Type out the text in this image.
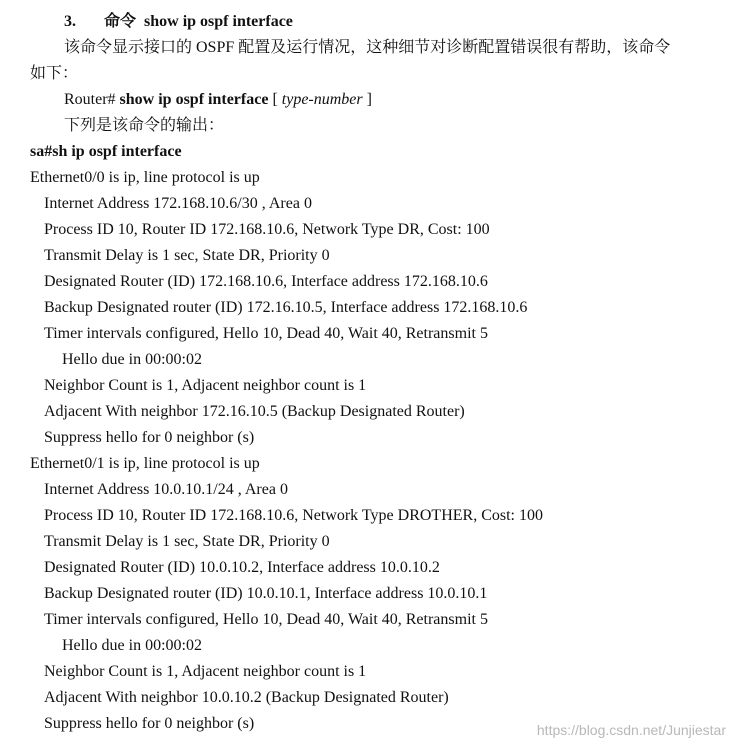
3. 命令 show ip ospf interface
该命令显示接口的 OSPF 配置及运行情况，这种细节对诊断配置错误很有帮助，该命令
如下：
Router# show ip ospf interface [ type-number ]
下列是该命令的输出：
sa#sh ip ospf interface
Ethernet0/0 is ip, line protocol is up
Internet Address 172.168.10.6/30 , Area 0
Process ID 10, Router ID 172.168.10.6, Network Type DR, Cost: 100
Transmit Delay is 1 sec, State DR, Priority 0
Designated Router (ID) 172.168.10.6, Interface address 172.168.10.6
Backup Designated router (ID) 172.16.10.5, Interface address 172.168.10.6
Timer intervals configured, Hello 10, Dead 40, Wait 40, Retransmit 5
Hello due in 00:00:02
Neighbor Count is 1, Adjacent neighbor count is 1
Adjacent With neighbor 172.16.10.5 (Backup Designated Router)
Suppress hello for 0 neighbor (s)
Ethernet0/1 is ip, line protocol is up
Internet Address 10.0.10.1/24 , Area 0
Process ID 10, Router ID 172.168.10.6, Network Type DROTHER, Cost: 100
Transmit Delay is 1 sec, State DR, Priority 0
Designated Router (ID) 10.0.10.2, Interface address 10.0.10.2
Backup Designated router (ID) 10.0.10.1, Interface address 10.0.10.1
Timer intervals configured, Hello 10, Dead 40, Wait 40, Retransmit 5
Hello due in 00:00:02
Neighbor Count is 1, Adjacent neighbor count is 1
Adjacent With neighbor 10.0.10.2 (Backup Designated Router)
Suppress hello for 0 neighbor (s)	https://blog.csdn.net/Junjiestar
